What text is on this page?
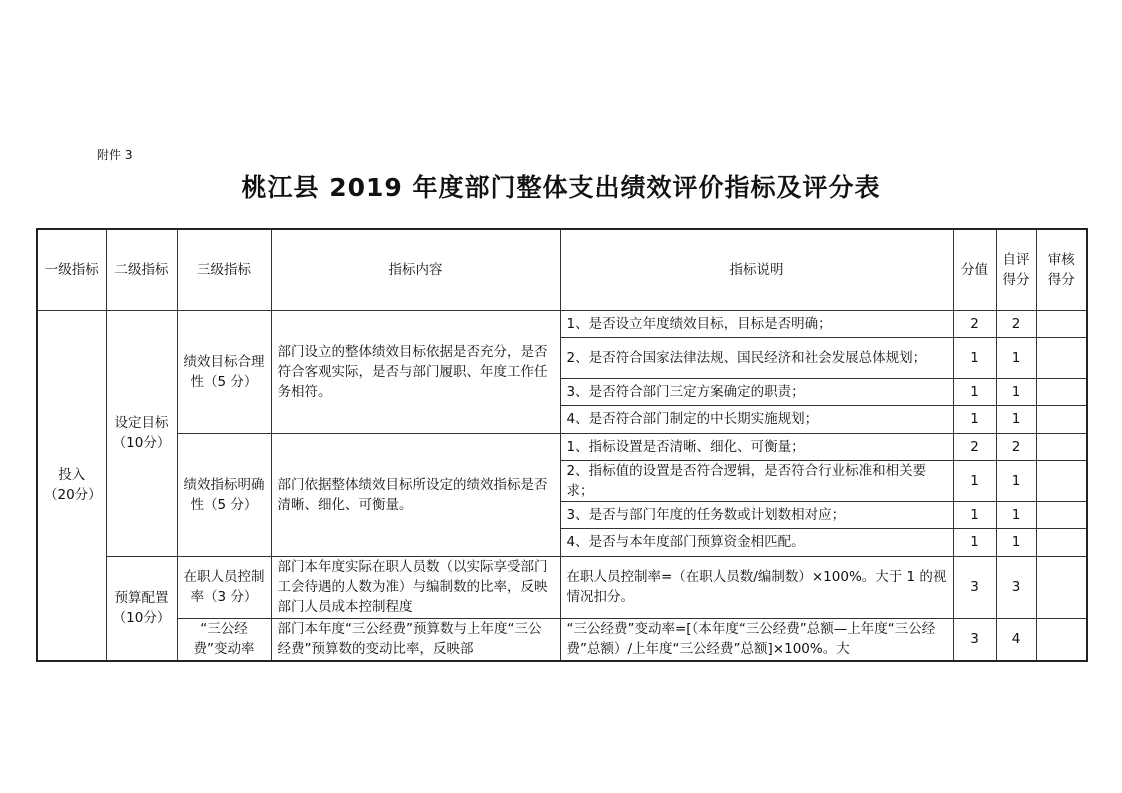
附件 3
桃江县 2019 年度部门整体支出绩效评价指标及评分表
一级指标	二级指标	三级指标	指标内容	指标说明	分值	自评得分	审核得分
投入（20分）	设定目标（10分）	绩效目标合理性（5 分）	部门设立的整体绩效目标依据是否充分，是否符合客观实际，是否与部门履职、年度工作任务相符。	1、是否设立年度绩效目标，目标是否明确；	2	2	
				2、是否符合国家法律法规、国民经济和社会发展总体规划；	1	1	
				3、是否符合部门三定方案确定的职责；	1	1	
				4、是否符合部门制定的中长期实施规划；	1	1	
		绩效指标明确性（5 分）	部门依据整体绩效目标所设定的绩效指标是否清晰、细化、可衡量。	1、指标设置是否清晰、细化、可衡量；	2	2	
				2、指标值的设置是否符合逻辑，是否符合行业标准和相关要求；	1	1	
				3、是否与部门年度的任务数或计划数相对应；	1	1	
				4、是否与本年度部门预算资金相匹配。	1	1	
	预算配置（10分）	在职人员控制率（3 分）	部门本年度实际在职人员数（以实际享受部门工会待遇的人数为准）与编制数的比率，反映部门人员成本控制程度	在职人员控制率=（在职人员数/编制数）×100%。大于 1 的视情况扣分。	3	3	

		“三公经费”变动率	部门本年度“三公经费”预算数与上年度“三公经费”预算数的变动比率，反映部	“三公经费”变动率=[（本年度“三公经费”总额—上年度“三公经费”总额）/上年度“三公经费”总额]×100%。大	3	4	
